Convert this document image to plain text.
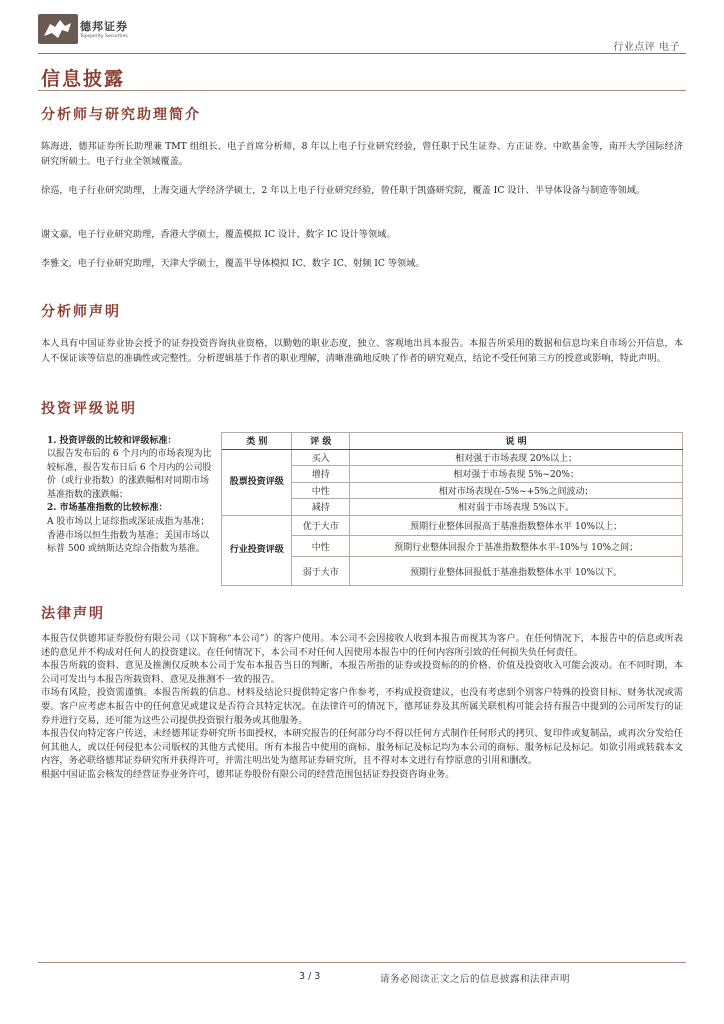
德邦证券
Topsperity Securities
行业点评 电子
信息披露
分析师与研究助理简介

陈海进，德邦证券所长助理兼 TMT 组组长、电子首席分析师，8 年以上电子行业研究经验，曾任职于民生证券、方正证券、中欧基金等，南开大学国际经济研究所硕士。电子行业全领域覆盖。

徐巡，电子行业研究助理，上海交通大学经济学硕士，2 年以上电子行业研究经验，曾任职于凯盛研究院，覆盖 IC 设计、半导体设备与制造等领域。

谢文嘉，电子行业研究助理，香港大学硕士，覆盖模拟 IC 设计、数字 IC 设计等领域。

李雅文，电子行业研究助理，天津大学硕士，覆盖半导体模拟 IC、数字 IC、射频 IC 等领域。

分析师声明

本人具有中国证券业协会授予的证券投资咨询执业资格，以勤勉的职业态度，独立、客观地出具本报告。本报告所采用的数据和信息均来自市场公开信息，本人不保证该等信息的准确性或完整性。分析逻辑基于作者的职业理解，清晰准确地反映了作者的研究观点，结论不受任何第三方的授意或影响，特此声明。

投资评级说明
1. 投资评级的比较和评级标准：
以报告发布后的 6 个月内的市场表现为比较标准，报告发布日后 6 个月内的公司股价（或行业指数）的涨跌幅相对同期市场基准指数的涨跌幅；
2. 市场基准指数的比较标准：
A 股市场以上证综指或深证成指为基准；香港市场以恒生指数为基准；美国市场以标普 500 或纳斯达克综合指数为基准。	类 别	评 级	说 明
	股票投资评级	买入	相对强于市场表现 20%以上；
		增持	相对强于市场表现 5%~20%；
		中性	相对市场表现在-5%~+5%之间波动；
		减持	相对弱于市场表现 5%以下。
	行业投资评级	优于大市	预期行业整体回报高于基准指数整体水平 10%以上；
		中性	预期行业整体回报介于基准指数整体水平-10%与 10%之间；
		弱于大市	预期行业整体回报低于基准指数整体水平 10%以下。
法律声明

本报告仅供德邦证券股份有限公司（以下简称“本公司”）的客户使用。本公司不会因接收人收到本报告而视其为客户。在任何情况下，本报告中的信息或所表述的意见并不构成对任何人的投资建议。在任何情况下，本公司不对任何人因使用本报告中的任何内容所引致的任何损失负任何责任。

本报告所载的资料、意见及推测仅反映本公司于发布本报告当日的判断，本报告所指的证券或投资标的的价格、价值及投资收入可能会波动。在不同时期，本公司可发出与本报告所载资料、意见及推测不一致的报告。

市场有风险，投资需谨慎。本报告所载的信息、材料及结论只提供特定客户作参考，不构成投资建议，也没有考虑到个别客户特殊的投资目标、财务状况或需要。客户应考虑本报告中的任何意见或建议是否符合其特定状况。在法律许可的情况下，德邦证券及其所属关联机构可能会持有报告中提到的公司所发行的证券并进行交易，还可能为这些公司提供投资银行服务或其他服务。

本报告仅向特定客户传送，未经德邦证券研究所书面授权，本研究报告的任何部分均不得以任何方式制作任何形式的拷贝、复印件或复制品，或再次分发给任何其他人，或以任何侵犯本公司版权的其他方式使用。所有本报告中使用的商标、服务标记及标记均为本公司的商标、服务标记及标记。如欲引用或转载本文内容，务必联络德邦证券研究所并获得许可，并需注明出处为德邦证券研究所，且不得对本文进行有悖原意的引用和删改。

根据中国证监会核发的经营证券业务许可，德邦证券股份有限公司的经营范围包括证券投资咨询业务。

3 / 3	请务必阅读正文之后的信息披露和法律声明
